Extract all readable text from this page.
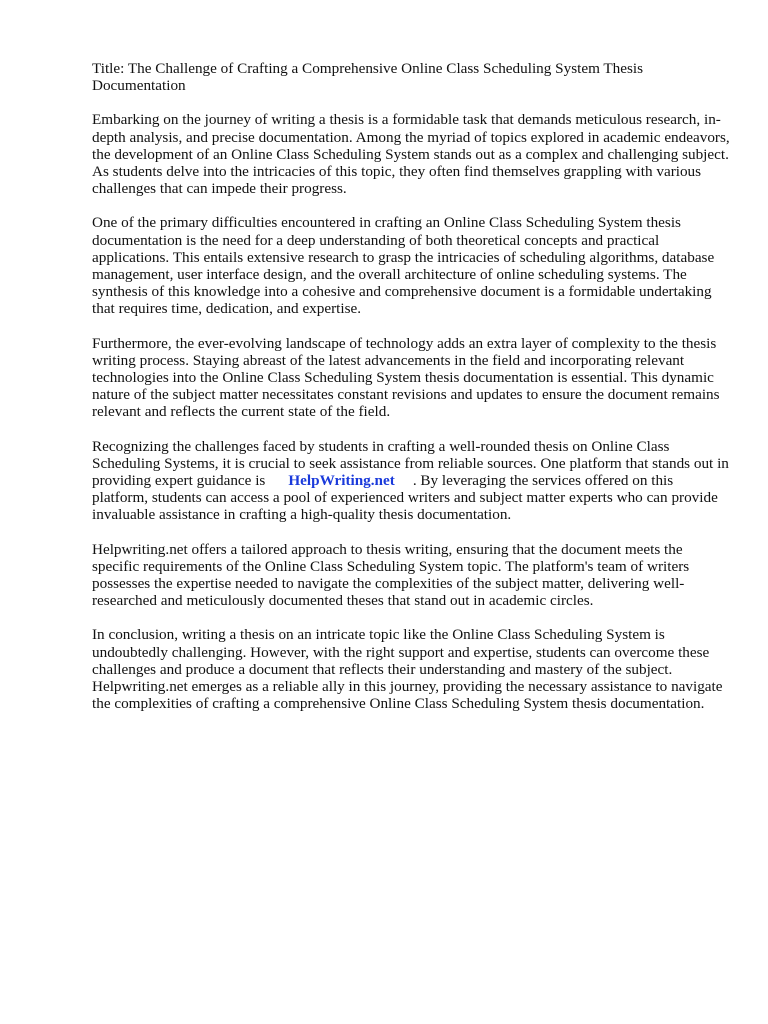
Title: The Challenge of Crafting a Comprehensive Online Class Scheduling System Thesis Documentation

Embarking on the journey of writing a thesis is a formidable task that demands meticulous research, in-depth analysis, and precise documentation. Among the myriad of topics explored in academic endeavors, the development of an Online Class Scheduling System stands out as a complex and challenging subject. As students delve into the intricacies of this topic, they often find themselves grappling with various challenges that can impede their progress.

One of the primary difficulties encountered in crafting an Online Class Scheduling System thesis documentation is the need for a deep understanding of both theoretical concepts and practical applications. This entails extensive research to grasp the intricacies of scheduling algorithms, database management, user interface design, and the overall architecture of online scheduling systems. The synthesis of this knowledge into a cohesive and comprehensive document is a formidable undertaking that requires time, dedication, and expertise.

Furthermore, the ever-evolving landscape of technology adds an extra layer of complexity to the thesis writing process. Staying abreast of the latest advancements in the field and incorporating relevant technologies into the Online Class Scheduling System thesis documentation is essential. This dynamic nature of the subject matter necessitates constant revisions and updates to ensure the document remains relevant and reflects the current state of the field.

Recognizing the challenges faced by students in crafting a well-rounded thesis on Online Class Scheduling Systems, it is crucial to seek assistance from reliable sources. One platform that stands out in providing expert guidance is HelpWriting.net . By leveraging the services offered on this platform, students can access a pool of experienced writers and subject matter experts who can provide invaluable assistance in crafting a high-quality thesis documentation.

Helpwriting.net offers a tailored approach to thesis writing, ensuring that the document meets the specific requirements of the Online Class Scheduling System topic. The platform's team of writers possesses the expertise needed to navigate the complexities of the subject matter, delivering well-researched and meticulously documented theses that stand out in academic circles.

In conclusion, writing a thesis on an intricate topic like the Online Class Scheduling System is undoubtedly challenging. However, with the right support and expertise, students can overcome these challenges and produce a document that reflects their understanding and mastery of the subject. Helpwriting.net emerges as a reliable ally in this journey, providing the necessary assistance to navigate the complexities of crafting a comprehensive Online Class Scheduling System thesis documentation.
